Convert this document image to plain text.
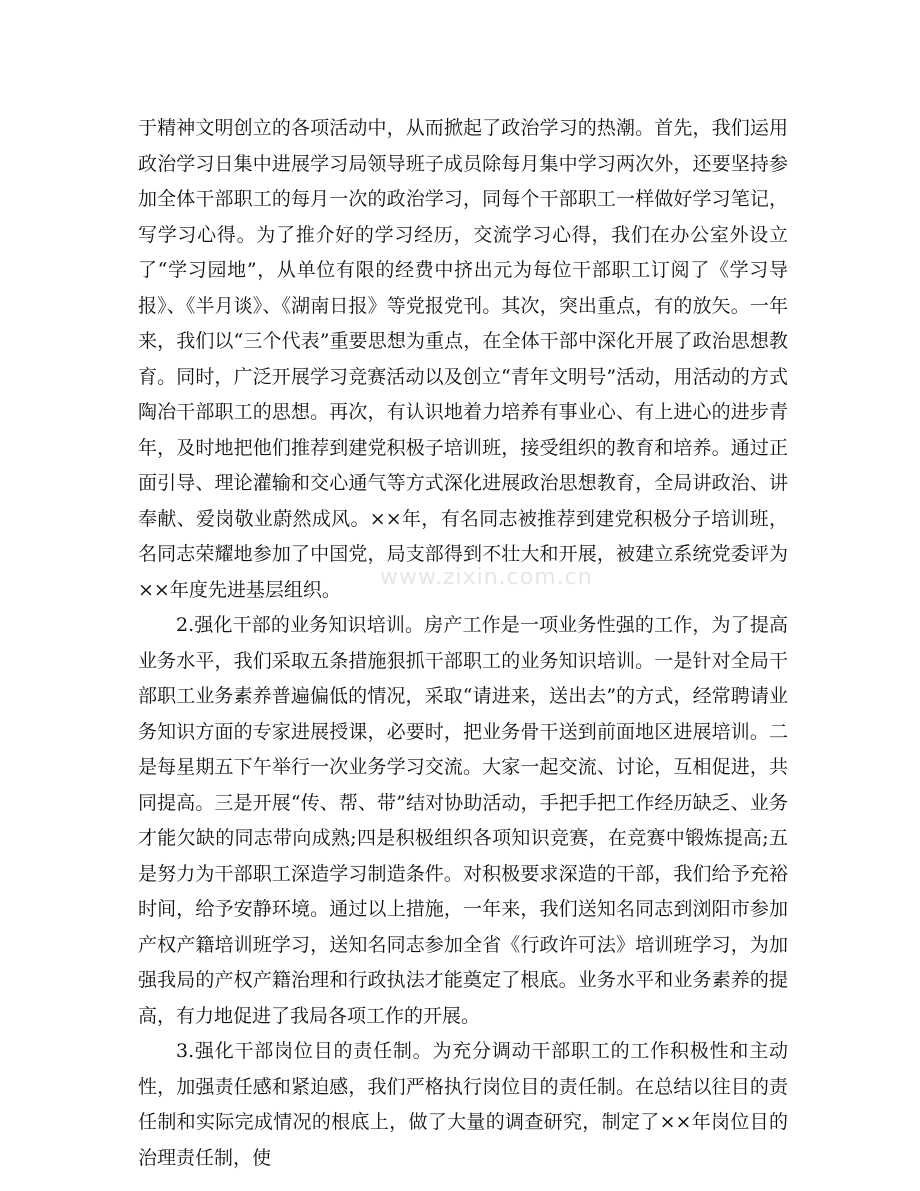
于精神文明创立的各项活动中，从而掀起了政治学习的热潮。首先，我们运用政治学习日集中进展学习局领导班子成员除每月集中学习两次外，还要坚持参加全体干部职工的每月一次的政治学习，同每个干部职工一样做好学习笔记，写学习心得。为了推介好的学习经历，交流学习心得，我们在办公室外设立了“学习园地”，从单位有限的经费中挤出元为每位干部职工订阅了《学习导报》、《半月谈》、《湖南日报》等党报党刊。其次，突出重点，有的放矢。一年来，我们以“三个代表”重要思想为重点，在全体干部中深化开展了政治思想教育。同时，广泛开展学习竞赛活动以及创立“青年文明号”活动，用活动的方式陶冶干部职工的思想。再次，有认识地着力培养有事业心、有上进心的进步青年，及时地把他们推荐到建党积极子培训班，接受组织的教育和培养。通过正面引导、理论灌输和交心通气等方式深化进展政治思想教育，全局讲政治、讲奉献、爱岗敬业蔚然成风。××年，有名同志被推荐到建党积极分子培训班，名同志荣耀地参加了中国党，局支部得到不壮大和开展，被建立系统党委评为××年度先进基层组织。

2.强化干部的业务知识培训。房产工作是一项业务性强的工作，为了提高业务水平，我们采取五条措施狠抓干部职工的业务知识培训。一是针对全局干部职工业务素养普遍偏低的情况，采取“请进来，送出去”的方式，经常聘请业务知识方面的专家进展授课，必要时，把业务骨干送到前面地区进展培训。二是每星期五下午举行一次业务学习交流。大家一起交流、讨论，互相促进，共同提高。三是开展“传、帮、带”结对协助活动，手把手把工作经历缺乏、业务才能欠缺的同志带向成熟;四是积极组织各项知识竞赛，在竞赛中锻炼提高;五是努力为干部职工深造学习制造条件。对积极要求深造的干部，我们给予充裕时间，给予安静环境。通过以上措施，一年来，我们送知名同志到浏阳市参加产权产籍培训班学习，送知名同志参加全省《行政许可法》培训班学习，为加强我局的产权产籍治理和行政执法才能奠定了根底。业务水平和业务素养的提高，有力地促进了我局各项工作的开展。

3.强化干部岗位目的责任制。为充分调动干部职工的工作积极性和主动性，加强责任感和紧迫感，我们严格执行岗位目的责任制。在总结以往目的责任制和实际完成情况的根底上，做了大量的调查研究，制定了××年岗位目的治理责任制，使

www.zixin.com.cn
